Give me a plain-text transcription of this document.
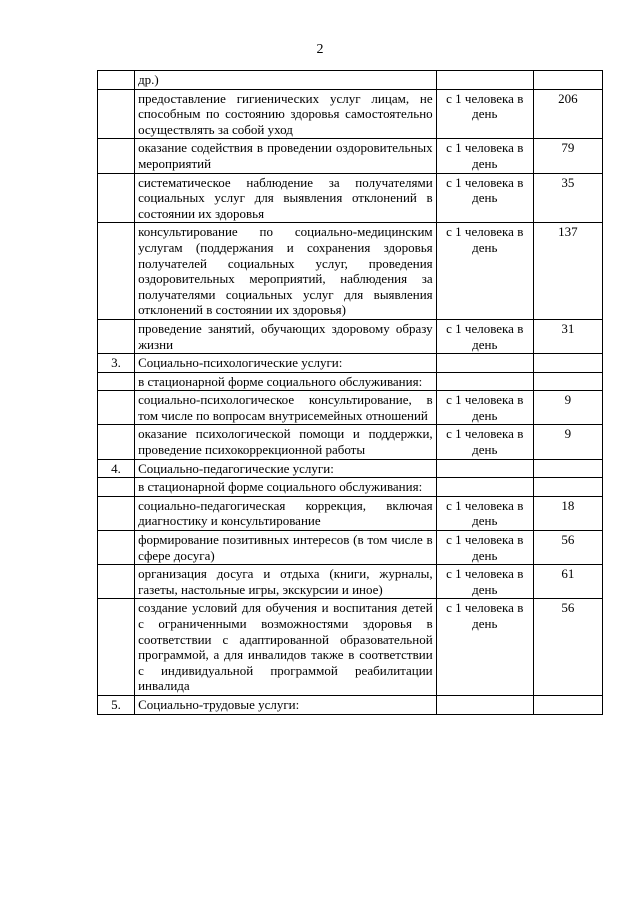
2
	др.)		
	предоставление гигиенических услуг лицам, не способным по состоянию здоровья самостоятельно осуществлять за собой уход	с 1 человека в день	206
	оказание содействия в проведении оздоровительных мероприятий	с 1 человека в день	79
	систематическое наблюдение за получателями социальных услуг для выявления отклонений в состоянии их здоровья	с 1 человека в день	35
	консультирование по социально-медицинским услугам (поддержания и сохранения здоровья получателей социальных услуг, проведения оздоровительных мероприятий, наблюдения за получателями социальных услуг для выявления отклонений в состоянии их здоровья)	с 1 человека в день	137
	проведение занятий, обучающих здоровому образу жизни	с 1 человека в день	31
3.	Социально-психологические услуги:		
	в стационарной форме социального обслуживания:		
	социально-психологическое консультирование, в том числе по вопросам внутрисемейных отношений	с 1 человека в день	9
	оказание психологической помощи и поддержки, проведение психокоррекционной работы	с 1 человека в день	9
4.	Социально-педагогические услуги:		
	в стационарной форме социального обслуживания:		
	социально-педагогическая коррекция, включая диагностику и консультирование	с 1 человека в день	18
	формирование позитивных интересов (в том числе в сфере досуга)	с 1 человека в день	56
	организация досуга и отдыха (книги, журналы, газеты, настольные игры, экскурсии и иное)	с 1 человека в день	61
	создание условий для обучения и воспитания детей с ограниченными возможностями здоровья в соответствии с адаптированной образовательной программой, а для инвалидов также в соответствии с индивидуальной программой реабилитации инвалида	с 1 человека в день	56
5.	Социально-трудовые услуги:		
